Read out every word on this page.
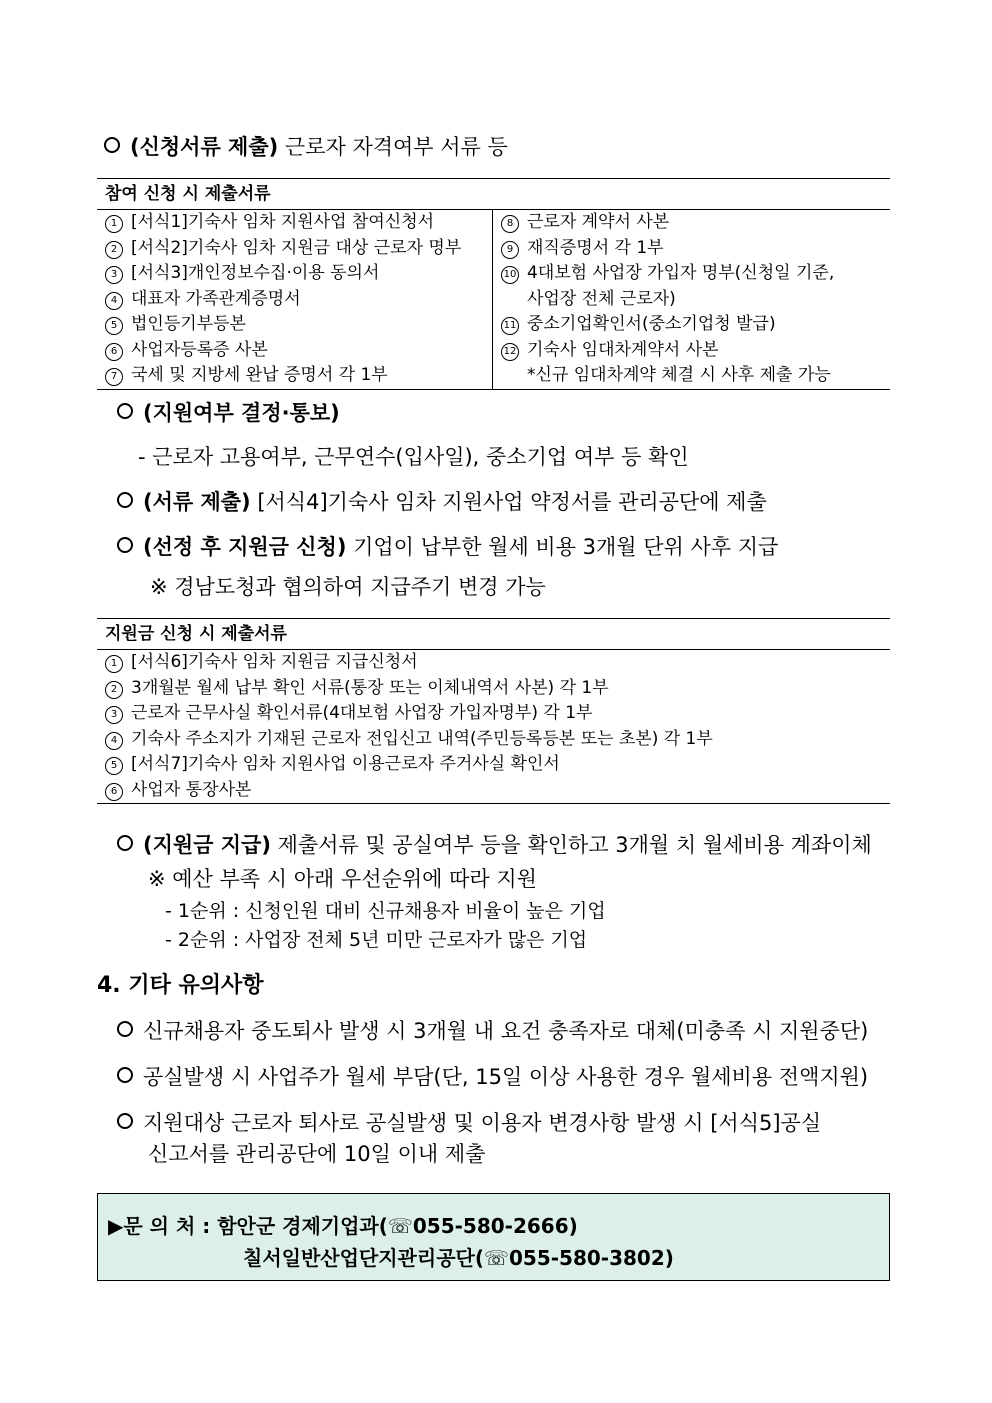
(신청서류 제출) 근로자 자격여부 서류 등
참여 신청 시 제출서류
1 [서식1]기숙사 임차 지원사업 참여신청서
2 [서식2]기숙사 임차 지원금 대상 근로자 명부
3 [서식3]개인정보수집·이용 동의서
4 대표자 가족관계증명서
5 법인등기부등본
6 사업자등록증 사본
7 국세 및 지방세 완납 증명서 각 1부
8 근로자 계약서 사본
9 재직증명서 각 1부
10 4대보험 사업장 가입자 명부(신청일 기준,
사업장 전체 근로자)
11 중소기업확인서(중소기업청 발급)
12 기숙사 임대차계약서 사본
*신규 임대차계약 체결 시 사후 제출 가능
(지원여부 결정·통보)
- 근로자 고용여부, 근무연수(입사일), 중소기업 여부 등 확인
(서류 제출) [서식4]기숙사 임차 지원사업 약정서를 관리공단에 제출
(선정 후 지원금 신청) 기업이 납부한 월세 비용 3개월 단위 사후 지급
※ 경남도청과 협의하여 지급주기 변경 가능
지원금 신청 시 제출서류
1 [서식6]기숙사 임차 지원금 지급신청서
2 3개월분 월세 납부 확인 서류(통장 또는 이체내역서 사본) 각 1부
3 근로자 근무사실 확인서류(4대보험 사업장 가입자명부) 각 1부
4 기숙사 주소지가 기재된 근로자 전입신고 내역(주민등록등본 또는 초본) 각 1부
5 [서식7]기숙사 임차 지원사업 이용근로자 주거사실 확인서
6 사업자 통장사본
(지원금 지급) 제출서류 및 공실여부 등을 확인하고 3개월 치 월세비용 계좌이체
※ 예산 부족 시 아래 우선순위에 따라 지원
- 1순위 : 신청인원 대비 신규채용자 비율이 높은 기업
- 2순위 : 사업장 전체 5년 미만 근로자가 많은 기업
4. 기타 유의사항
신규채용자 중도퇴사 발생 시 3개월 내 요건 충족자로 대체(미충족 시 지원중단)
공실발생 시 사업주가 월세 부담(단, 15일 이상 사용한 경우 월세비용 전액지원)
지원대상 근로자 퇴사로 공실발생 및 이용자 변경사항 발생 시 [서식5]공실
신고서를 관리공단에 10일 이내 제출
▶문 의 처 : 함안군 경제기업과(☏055-580-2666)
칠서일반산업단지관리공단(☏055-580-3802)
